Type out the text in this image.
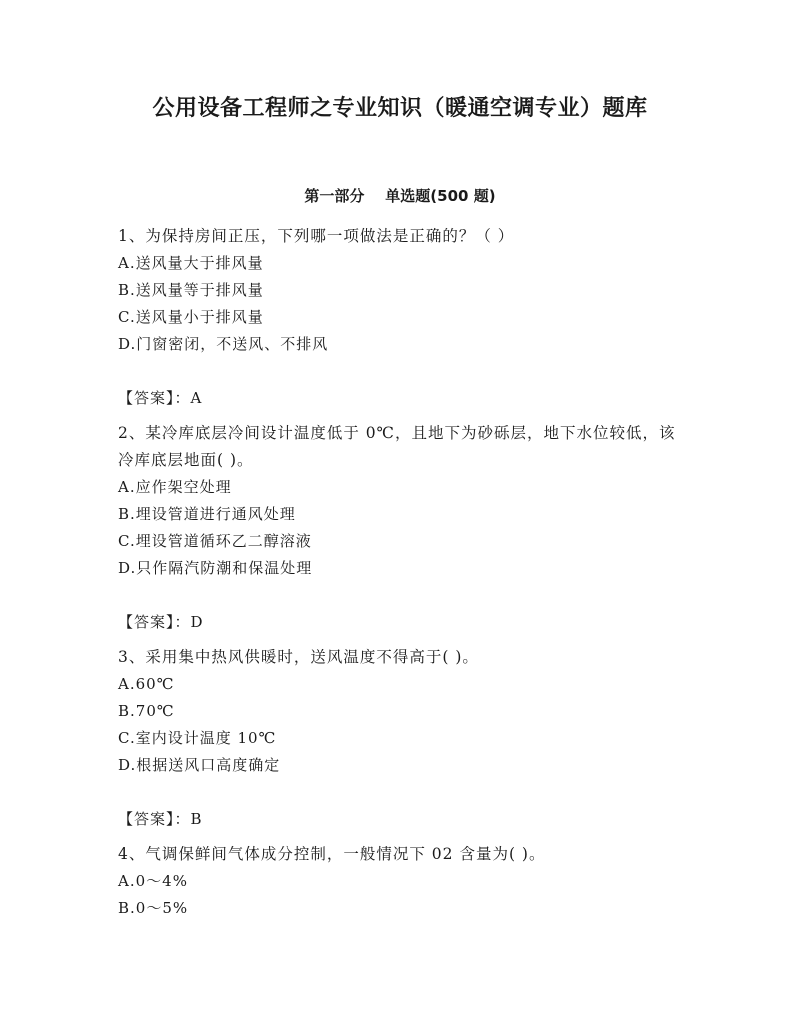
公用设备工程师之专业知识（暖通空调专业）题库
第一部分    单选题(500 题)

1、为保持房间正压，下列哪一项做法是正确的？（ ）

A.送风量大于排风量

B.送风量等于排风量

C.送风量小于排风量

D.门窗密闭，不送风、不排风

【答案】：A

2、某冷库底层冷间设计温度低于 0℃，且地下为砂砾层，地下水位较低，该冷库底层地面( )。

A.应作架空处理

B.埋设管道进行通风处理

C.埋设管道循环乙二醇溶液

D.只作隔汽防潮和保温处理

【答案】：D

3、采用集中热风供暖时，送风温度不得高于( )。

A.60℃

B.70℃

C.室内设计温度 10℃

D.根据送风口高度确定

【答案】：B

4、气调保鲜间气体成分控制，一般情况下 02 含量为( )。

A.0～4%

B.0～5%
